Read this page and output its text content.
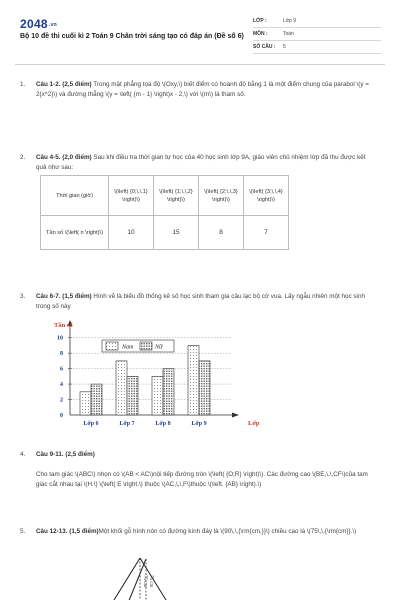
2048.vn
Bộ 10 đề thi cuối kì 2 Toán 9 Chân trời sáng tạo có đáp án (Đề số 6)
LỚP :	Lớp 9
MÔN :	Toán
SỐ CÂU : 5
1. Câu 1-2. (2,5 điểm) Trong mặt phẳng tọa độ \(Oxy,\) biết điểm có hoành độ bằng 1 là một điểm chung của parabol \(y = 2{x^2}\) và đường thẳng \(y = \left( {m - 1} \right)x - 2,\) với \(m\) là tham số.
2. Câu 4-5. (2,0 điểm) Sau khi điều tra thời gian tự học của 40 học sinh lớp 9A, giáo viên chủ nhiệm lớp đã thu được kết quả như sau:
Thời gian (giờ)	\(\left( {0;\,\,1} \right)\)	\(\left( {1;\,\,2} \right)\)	\(\left( {2;\,\,3} \right)\)	\(\left( {3;\,\,4} \right)\)
Tần số \(\left( n \right)\)	10	15	8	7
3. Câu 6-7. (1,5 điểm) Hình vẽ là biểu đồ thống kê số học sinh tham gia câu lạc bộ cờ vua. Lấy ngẫu nhiên một học sinh trong số này
0
2
4
6
8
10
Lớp 6	Lớp 7	Lớp 8	Lớp 9
Tần số
Lớp
Nam	Nữ
4. Câu 9-11. (2,5 điểm)
Cho tam giác \(ABC\) nhọn có \(AB < AC\)nội tiếp đường tròn \(\left( {O;R} \right)\). Các đường cao \(BE,\,\,CF\)của tam giác cắt nhau tại \(H.\) \(\left( E \right.\) thuộc \(AC,\,\,F\)thuộc \(\left. {AB} \right).\)
5. Câu 12-13. (1,5 điểm)Một khối gỗ hình nón có đường kính đáy là \(90\,\,{\rm{cm,}}\) chiều cao là \(75\,\,{\rm{cm}}.\)
75 cm
75 cm
